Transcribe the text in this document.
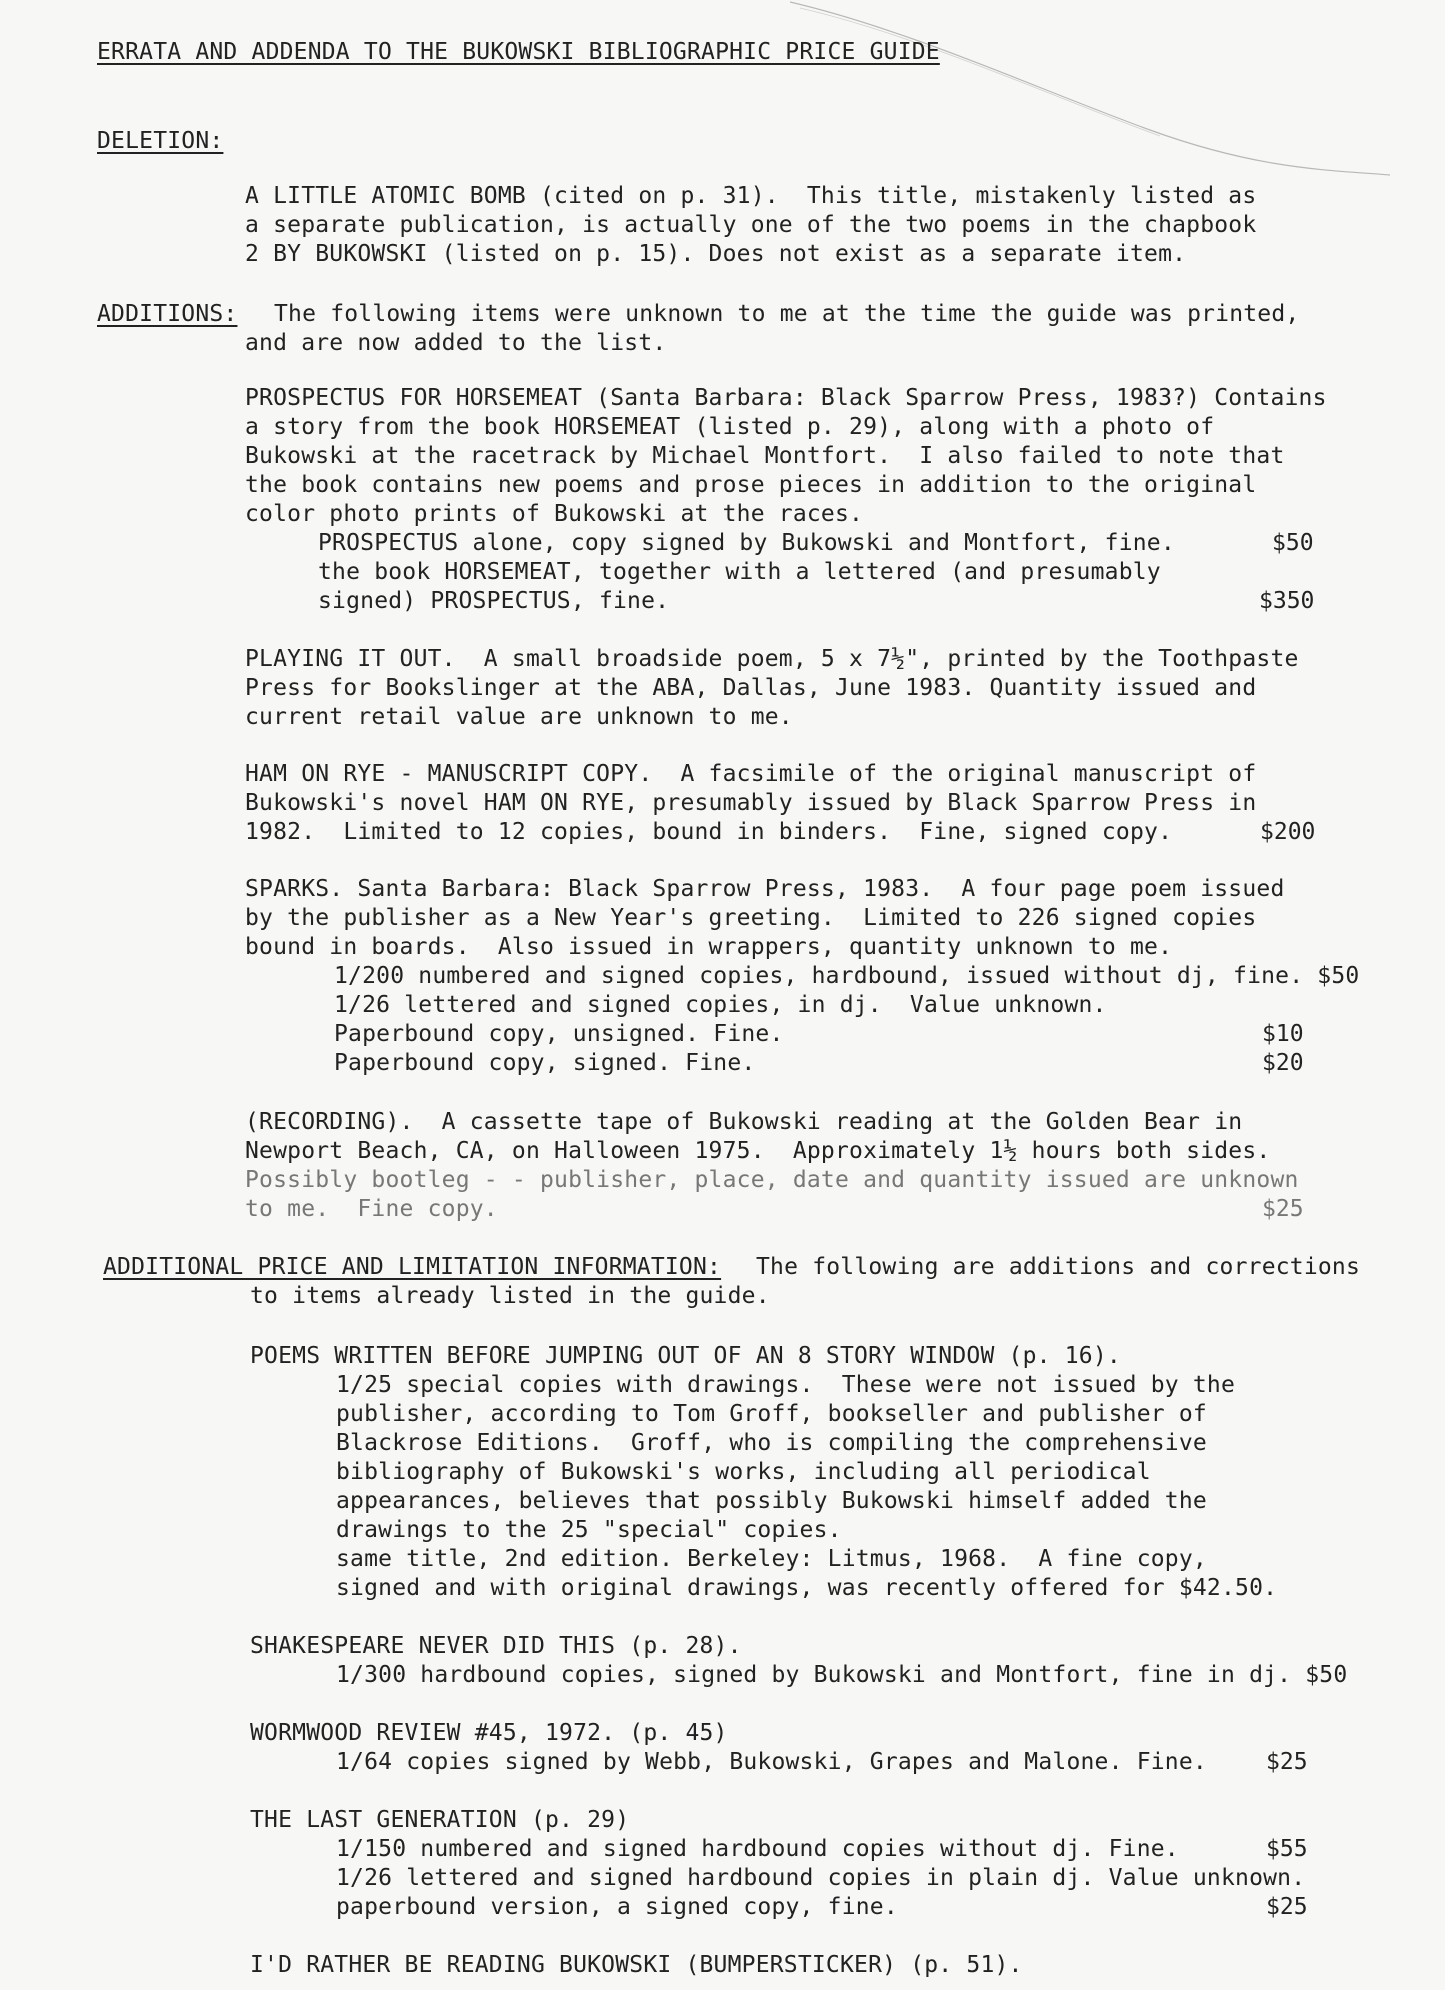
ERRATA AND ADDENDA TO THE BUKOWSKI BIBLIOGRAPHIC PRICE GUIDE
DELETION:
A LITTLE ATOMIC BOMB (cited on p. 31).  This title, mistakenly listed as
a separate publication, is actually one of the two poems in the chapbook
2 BY BUKOWSKI (listed on p. 15). Does not exist as a separate item.
ADDITIONS: The following items were unknown to me at the time the guide was printed,
and are now added to the list.
PROSPECTUS FOR HORSEMEAT (Santa Barbara: Black Sparrow Press, 1983?) Contains
a story from the book HORSEMEAT (listed p. 29), along with a photo of
Bukowski at the racetrack by Michael Montfort.  I also failed to note that
the book contains new poems and prose pieces in addition to the original
color photo prints of Bukowski at the races.
PROSPECTUS alone, copy signed by Bukowski and Montfort, fine.	$50
the book HORSEMEAT, together with a lettered (and presumably
signed) PROSPECTUS, fine.	$350
PLAYING IT OUT.  A small broadside poem, 5 x 7½", printed by the Toothpaste
Press for Bookslinger at the ABA, Dallas, June 1983. Quantity issued and
current retail value are unknown to me.
HAM ON RYE - MANUSCRIPT COPY.  A facsimile of the original manuscript of
Bukowski's novel HAM ON RYE, presumably issued by Black Sparrow Press in
1982.  Limited to 12 copies, bound in binders.  Fine, signed copy.	$200
SPARKS. Santa Barbara: Black Sparrow Press, 1983.  A four page poem issued
by the publisher as a New Year's greeting.  Limited to 226 signed copies
bound in boards.  Also issued in wrappers, quantity unknown to me.
1/200 numbered and signed copies, hardbound, issued without dj, fine. $50
1/26 lettered and signed copies, in dj.  Value unknown.
Paperbound copy, unsigned. Fine.	$10
Paperbound copy, signed. Fine.	$20
(RECORDING).  A cassette tape of Bukowski reading at the Golden Bear in
Newport Beach, CA, on Halloween 1975.  Approximately 1½ hours both sides.
Possibly bootleg - - publisher, place, date and quantity issued are unknown
to me.  Fine copy.	$25
ADDITIONAL PRICE AND LIMITATION INFORMATION: The following are additions and corrections
to items already listed in the guide.
POEMS WRITTEN BEFORE JUMPING OUT OF AN 8 STORY WINDOW (p. 16).
1/25 special copies with drawings.  These were not issued by the
publisher, according to Tom Groff, bookseller and publisher of
Blackrose Editions.  Groff, who is compiling the comprehensive
bibliography of Bukowski's works, including all periodical
appearances, believes that possibly Bukowski himself added the
drawings to the 25 "special" copies.
same title, 2nd edition. Berkeley: Litmus, 1968.  A fine copy,
signed and with original drawings, was recently offered for $42.50.
SHAKESPEARE NEVER DID THIS (p. 28).
1/300 hardbound copies, signed by Bukowski and Montfort, fine in dj. $50
WORMWOOD REVIEW #45, 1972. (p. 45)
1/64 copies signed by Webb, Bukowski, Grapes and Malone. Fine.	$25
THE LAST GENERATION (p. 29)
1/150 numbered and signed hardbound copies without dj. Fine.	$55
1/26 lettered and signed hardbound copies in plain dj. Value unknown.
paperbound version, a signed copy, fine.	$25
I'D RATHER BE READING BUKOWSKI (BUMPERSTICKER) (p. 51).
